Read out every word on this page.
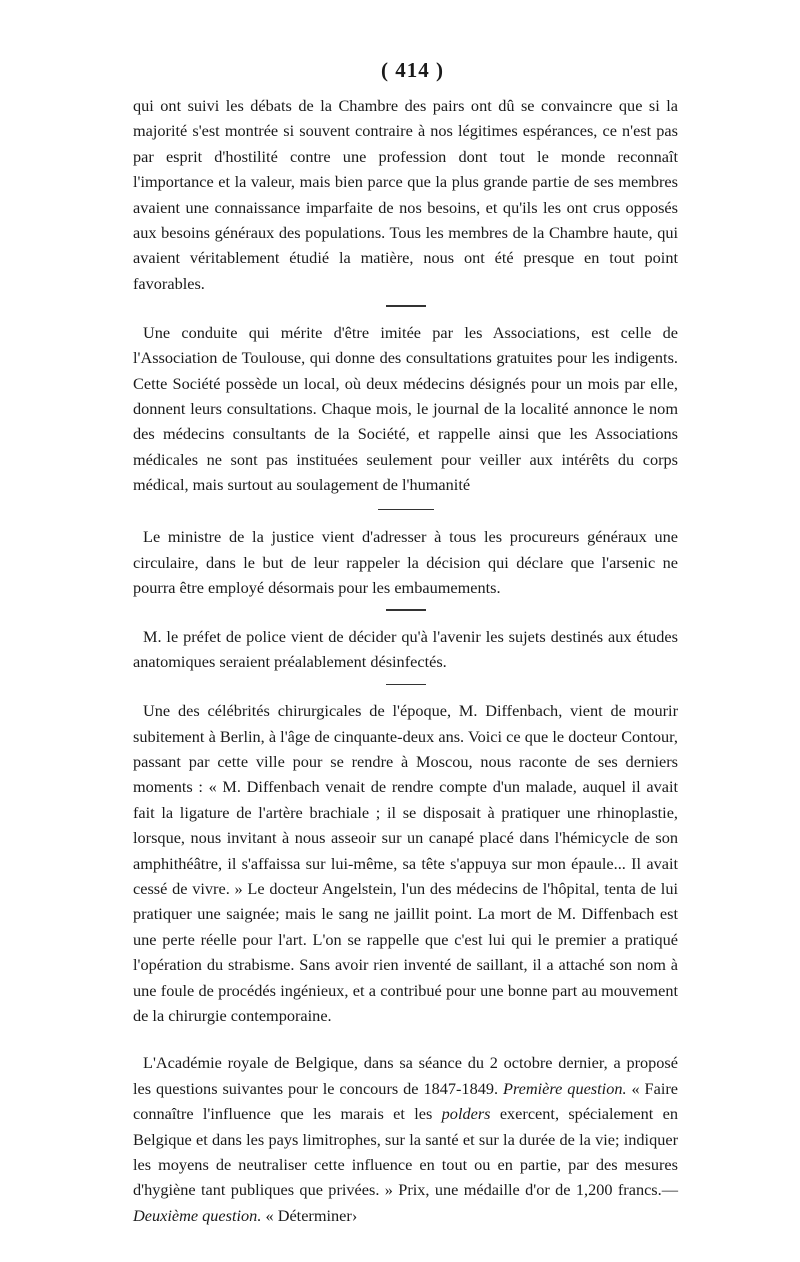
( 414 )

qui ont suivi les débats de la Chambre des pairs ont dû se convaincre que si la majorité s'est montrée si souvent contraire à nos légitimes espérances, ce n'est pas par esprit d'hostilité contre une profession dont tout le monde reconnaît l'importance et la valeur, mais bien parce que la plus grande partie de ses membres avaient une connaissance imparfaite de nos besoins, et qu'ils les ont crus opposés aux besoins généraux des populations. Tous les membres de la Chambre haute, qui avaient véritablement étudié la matière, nous ont été presque en tout point favorables.

Une conduite qui mérite d'être imitée par les Associations, est celle de l'Association de Toulouse, qui donne des consultations gratuites pour les indigents. Cette Société possède un local, où deux médecins désignés pour un mois par elle, donnent leurs consultations. Chaque mois, le journal de la localité annonce le nom des médecins consultants de la Société, et rappelle ainsi que les Associations médicales ne sont pas instituées seulement pour veiller aux intérêts du corps médical, mais surtout au soulagement de l'humanité

Le ministre de la justice vient d'adresser à tous les procureurs généraux une circulaire, dans le but de leur rappeler la décision qui déclare que l'arsenic ne pourra être employé désormais pour les embaumements.

M. le préfet de police vient de décider qu'à l'avenir les sujets destinés aux études anatomiques seraient préalablement désinfectés.

Une des célébrités chirurgicales de l'époque, M. Diffenbach, vient de mourir subitement à Berlin, à l'âge de cinquante-deux ans. Voici ce que le docteur Contour, passant par cette ville pour se rendre à Moscou, nous raconte de ses derniers moments : « M. Diffenbach venait de rendre compte d'un malade, auquel il avait fait la ligature de l'artère brachiale ; il se disposait à pratiquer une rhinoplastie, lorsque, nous invitant à nous asseoir sur un canapé placé dans l'hémicycle de son amphithéâtre, il s'affaissa sur lui-même, sa tête s'appuya sur mon épaule... Il avait cessé de vivre. » Le docteur Angelstein, l'un des médecins de l'hôpital, tenta de lui pratiquer une saignée; mais le sang ne jaillit point. La mort de M. Diffenbach est une perte réelle pour l'art. L'on se rappelle que c'est lui qui le premier a pratiqué l'opération du strabisme. Sans avoir rien inventé de saillant, il a attaché son nom à une foule de procédés ingénieux, et a contribué pour une bonne part au mouvement de la chirurgie contemporaine.

L'Académie royale de Belgique, dans sa séance du 2 octobre dernier, a proposé les questions suivantes pour le concours de 1847-1849. Première question. « Faire connaître l'influence que les marais et les polders exercent, spécialement en Belgique et dans les pays limitrophes, sur la santé et sur la durée de la vie; indiquer les moyens de neutraliser cette influence en tout ou en partie, par des mesures d'hygiène tant publiques que privées. » Prix, une médaille d'or de 1,200 francs.—Deuxième question. « Déterminer›
